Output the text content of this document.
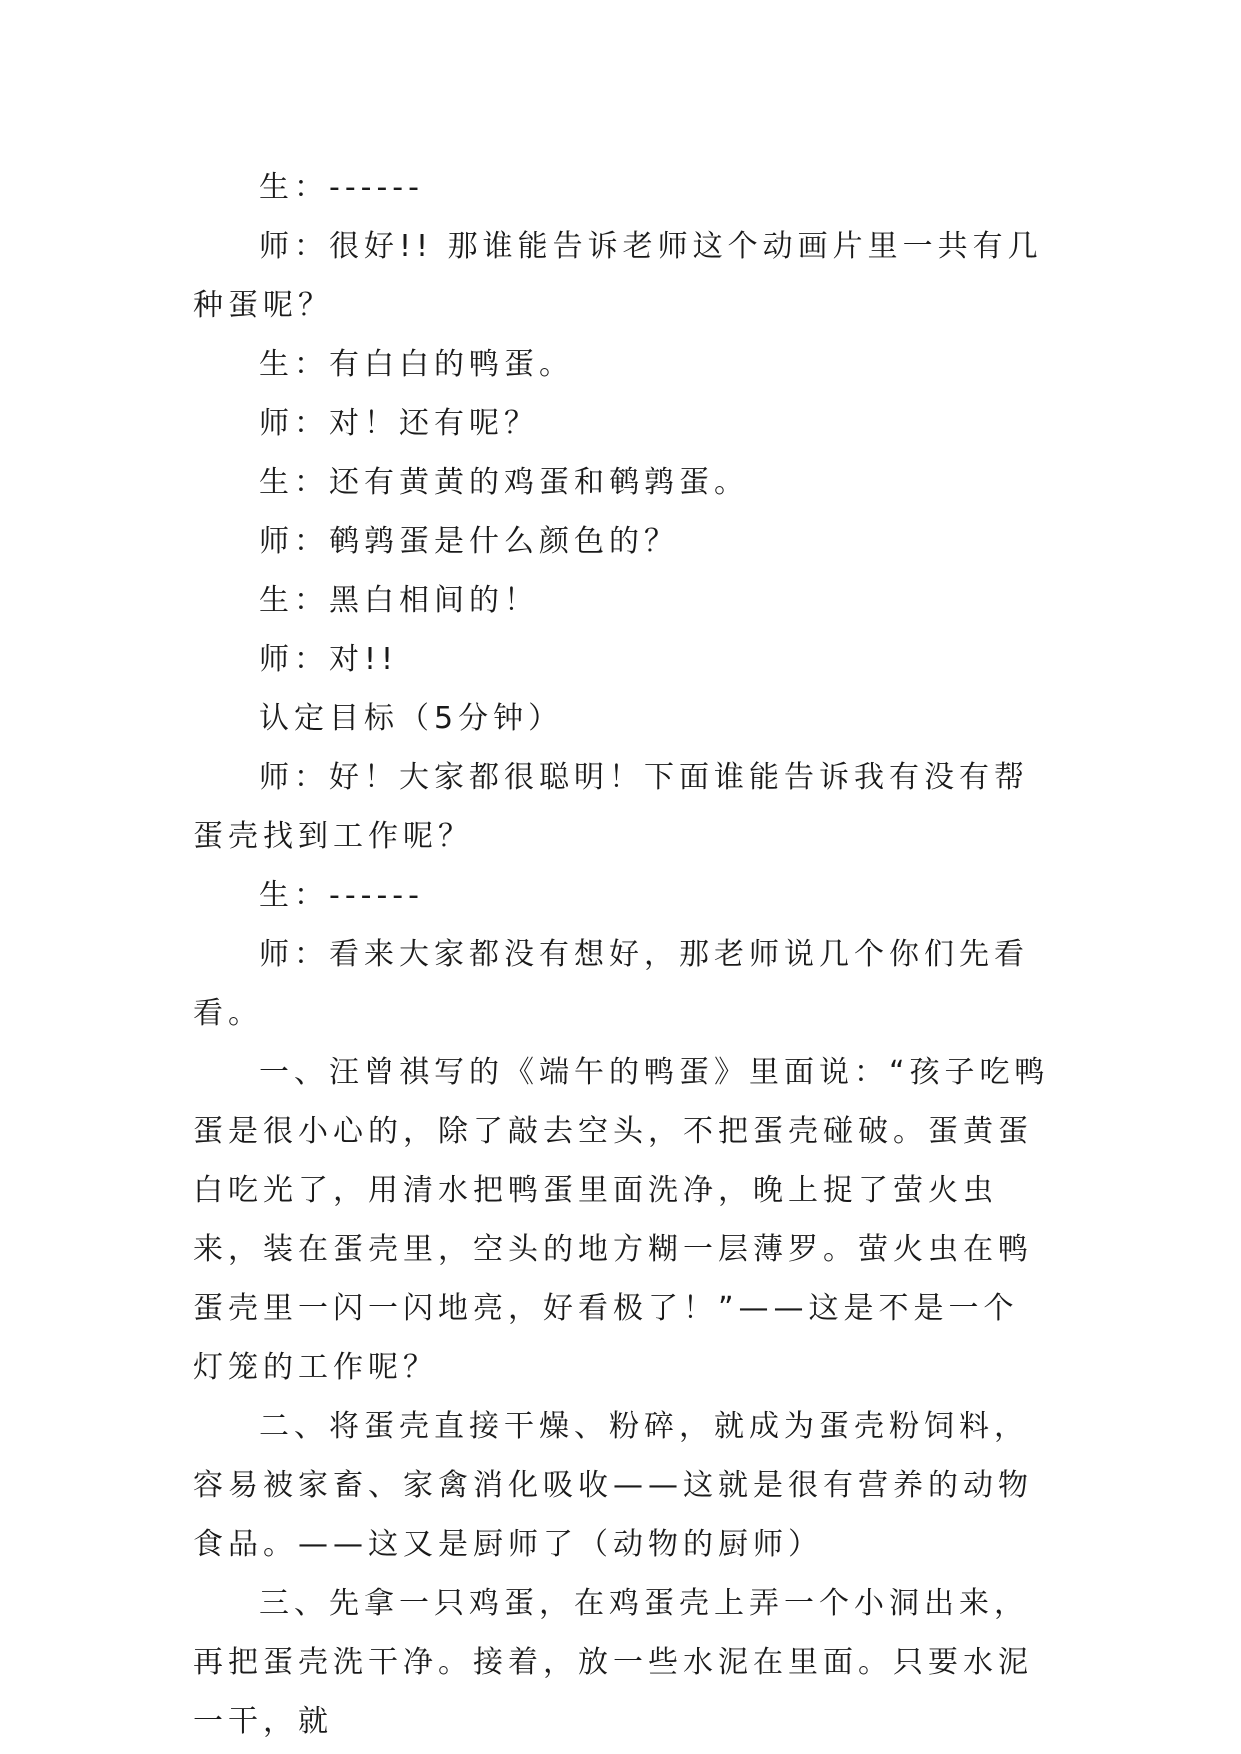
生：------

师：很好!! 那谁能告诉老师这个动画片里一共有几种蛋呢？

生：有白白的鸭蛋。

师：对！还有呢？

生：还有黄黄的鸡蛋和鹌鹑蛋。

师：鹌鹑蛋是什么颜色的？

生：黑白相间的！

师：对!!

认定目标（5分钟）

师：好！大家都很聪明！下面谁能告诉我有没有帮蛋壳找到工作呢？

生：------

师：看来大家都没有想好，那老师说几个你们先看看。

一、汪曾祺写的《端午的鸭蛋》里面说：“孩子吃鸭蛋是很小心的，除了敲去空头，不把蛋壳碰破。蛋黄蛋白吃光了，用清水把鸭蛋里面洗净，晚上捉了萤火虫来，装在蛋壳里，空头的地方糊一层薄罗。萤火虫在鸭蛋壳里一闪一闪地亮，好看极了！”——这是不是一个灯笼的工作呢？

二、将蛋壳直接干燥、粉碎，就成为蛋壳粉饲料，容易被家畜、家禽消化吸收——这就是很有营养的动物食品。——这又是厨师了（动物的厨师）

三、先拿一只鸡蛋，在鸡蛋壳上弄一个小洞出来，再把蛋壳洗干净。接着，放一些水泥在里面。只要水泥一干，就
